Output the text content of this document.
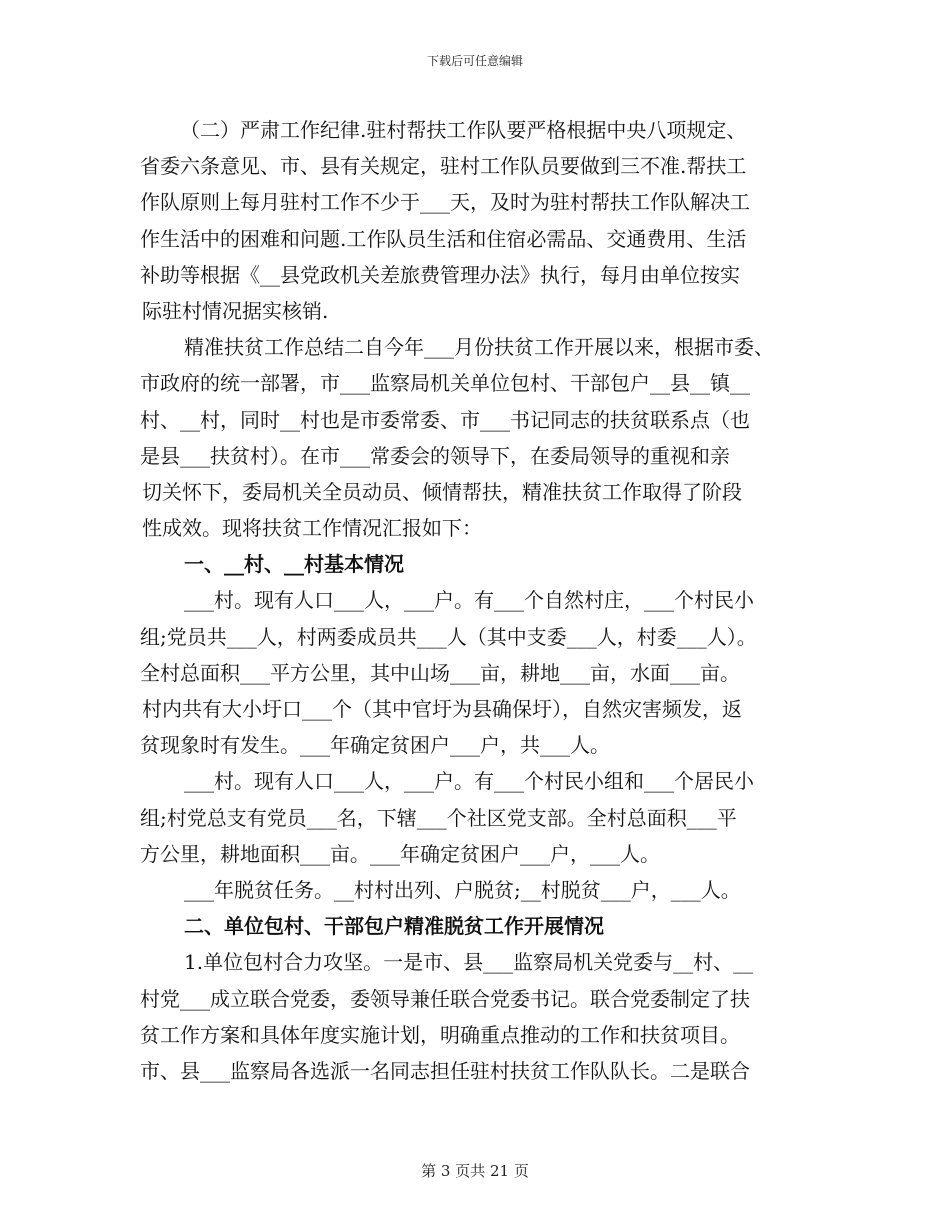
下载后可任意编辑
（二）严肃工作纪律.驻村帮扶工作队要严格根据中央八项规定、
省委六条意见、市、县有关规定，驻村工作队员要做到三不准.帮扶工
作队原则上每月驻村工作不少于___天，及时为驻村帮扶工作队解决工
作生活中的困难和问题.工作队员生活和住宿必需品、交通费用、生活
补助等根据《__县党政机关差旅费管理办法》执行，每月由单位按实
际驻村情况据实核销.
精准扶贫工作总结二自今年___月份扶贫工作开展以来，根据市委、
市政府的统一部署，市___监察局机关单位包村、干部包户__县__镇__
村、__村，同时__村也是市委常委、市___书记同志的扶贫联系点（也
是县___扶贫村）。在市___常委会的领导下，在委局领导的重视和亲
切关怀下，委局机关全员动员、倾情帮扶，精准扶贫工作取得了阶段
性成效。现将扶贫工作情况汇报如下：
一、__村、__村基本情况
___村。现有人口___人，___户。有___个自然村庄，___个村民小
组;党员共___人，村两委成员共___人（其中支委___人，村委___人）。
全村总面积___平方公里，其中山场___亩，耕地___亩，水面___亩。
村内共有大小圩口___个（其中官圩为县确保圩），自然灾害频发，返
贫现象时有发生。___年确定贫困户___户，共___人。
___村。现有人口___人，___户。有___个村民小组和___个居民小
组;村党总支有党员___名，下辖___个社区党支部。全村总面积___平
方公里，耕地面积___亩。___年确定贫困户___户，___人。
___年脱贫任务。__村村出列、户脱贫;__村脱贫___户，___人。
二、单位包村、干部包户精准脱贫工作开展情况
1.单位包村合力攻坚。一是市、县___监察局机关党委与__村、__
村党___成立联合党委，委领导兼任联合党委书记。联合党委制定了扶
贫工作方案和具体年度实施计划，明确重点推动的工作和扶贫项目。
市、县___监察局各选派一名同志担任驻村扶贫工作队队长。二是联合
第 3 页共 21 页
